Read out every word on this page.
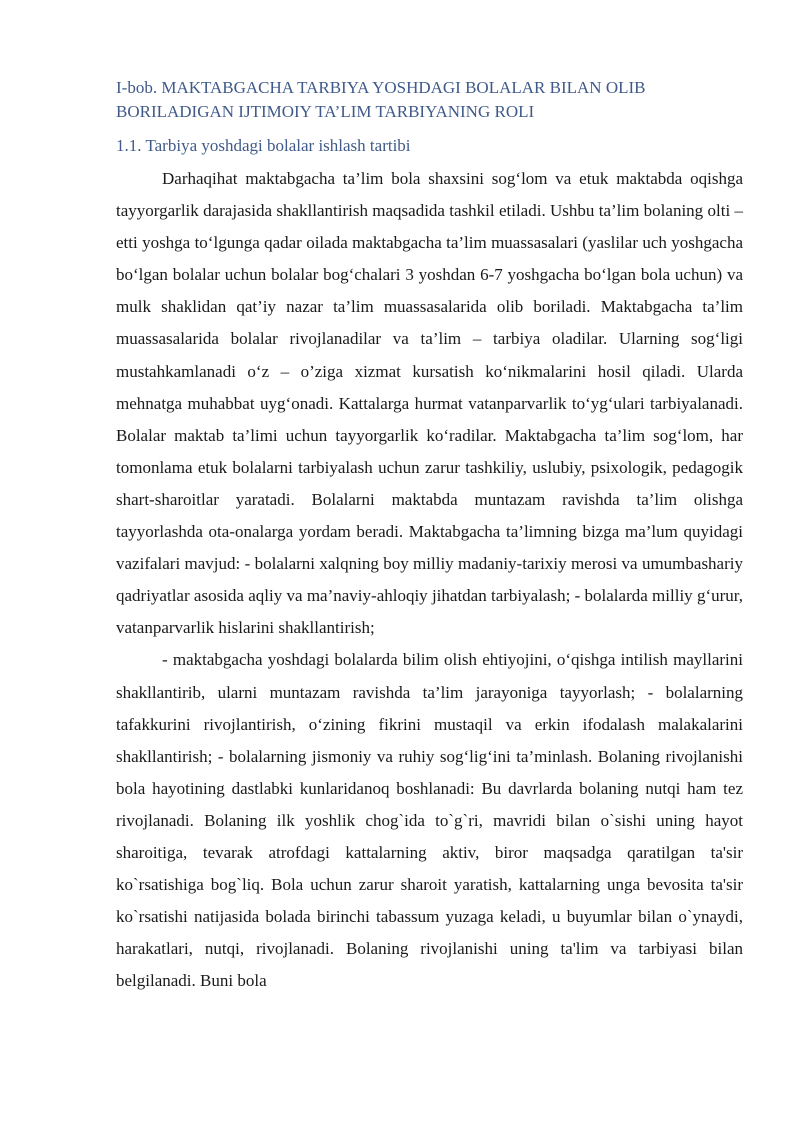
I-bob. MAKTABGACHA TARBIYA YOSHDAGI BOLALAR BILAN OLIB
BORILADIGAN IJTIMOIY TA’LIM TARBIYANING ROLI
1.1. Tarbiya yoshdagi bolalar ishlash tartibi

Darhaqihat maktabgacha ta’lim bola shaxsini sog‘lom va etuk maktabda oqishga tayyorgarlik darajasida shakllantirish maqsadida tashkil etiladi. Ushbu ta’lim bolaning olti – etti yoshga to‘lgunga qadar oilada maktabgacha ta’lim muassasalari (yaslilar uch yoshgacha bo‘lgan bolalar uchun bolalar bog‘chalari 3 yoshdan 6-7 yoshgacha bo‘lgan bola uchun) va mulk shaklidan qat’iy nazar ta’lim muassasalarida olib boriladi. Maktabgacha ta’lim muassasalarida bolalar rivojlanadilar va ta’lim – tarbiya oladilar. Ularning sog‘ligi mustahkamlanadi o‘z – o’ziga xizmat kursatish ko‘nikmalarini hosil qiladi. Ularda mehnatga muhabbat uyg‘onadi. Kattalarga hurmat vatanparvarlik to‘yg‘ulari tarbiyalanadi. Bolalar maktab ta’limi uchun tayyorgarlik ko‘radilar. Maktabgacha ta’lim sog‘lom, har tomonlama etuk bolalarni tarbiyalash uchun zarur tashkiliy, uslubiy, psixologik, pedagogik shart-sharoitlar yaratadi. Bolalarni maktabda muntazam ravishda ta’lim olishga tayyorlashda ota-onalarga yordam beradi. Maktabgacha ta’limning bizga ma’lum quyidagi vazifalari mavjud: - bolalarni xalqning boy milliy madaniy-tarixiy merosi va umumbashariy qadriyatlar asosida aqliy va ma’naviy-ahloqiy jihatdan tarbiyalash; - bolalarda milliy g‘urur, vatanparvarlik hislarini shakllantirish;

- maktabgacha yoshdagi bolalarda bilim olish ehtiyojini, o‘qishga intilish mayllarini shakllantirib, ularni muntazam ravishda ta’lim jarayoniga tayyorlash; - bolalarning tafakkurini rivojlantirish, o‘zining fikrini mustaqil va erkin ifodalash malakalarini shakllantirish; - bolalarning jismoniy va ruhiy sog‘lig‘ini ta’minlash. Bolaning rivojlanishi bola hayotining dastlabki kunlaridanoq boshlanadi: Bu davrlarda bolaning nutqi ham tez rivojlanadi. Bolaning ilk yoshlik chog`ida to`g`ri, mavridi bilan o`sishi uning hayot sharoitiga, tevarak atrofdagi kattalarning aktiv, biror maqsadga qaratilgan ta'sir ko`rsatishiga bog`liq. Bola uchun zarur sharoit yaratish, kattalarning unga bevosita ta'sir ko`rsatishi natijasida bolada birinchi tabassum yuzaga keladi, u buyumlar bilan o`ynaydi, harakatlari, nutqi, rivojlanadi. Bolaning rivojlanishi uning ta'lim va tarbiyasi bilan belgilanadi. Buni bola
